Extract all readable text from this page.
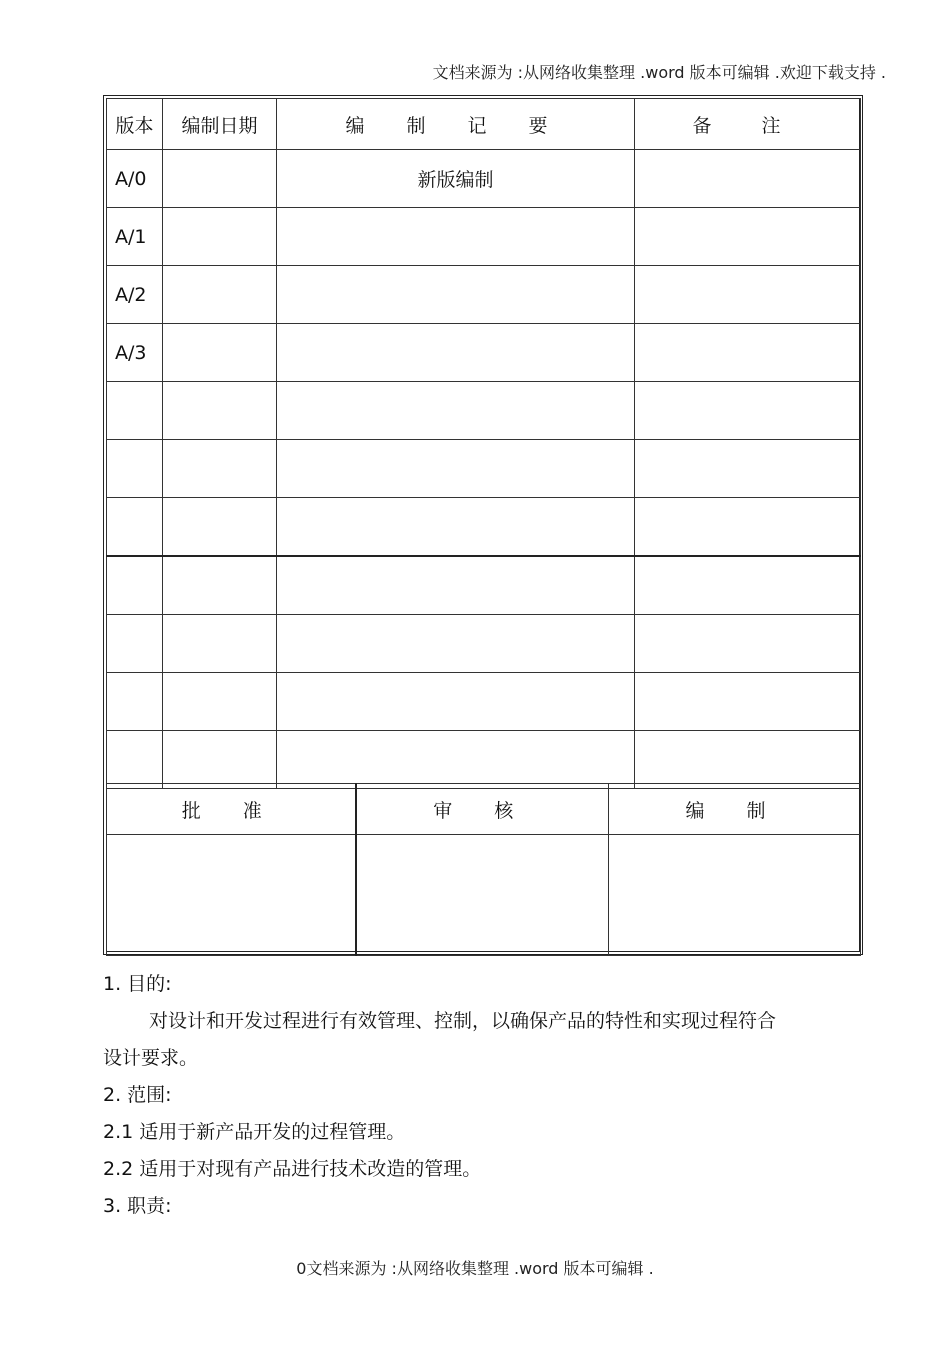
文档来源为 :从网络收集整理 .word 版本可编辑 .欢迎下载支持 .
版本	编制日期	编 制 记 要	备 注
A/0		新版编制	
A/1			
A/2			
A/3			

批 准	审 核	编 制

1. 目的:

对设计和开发过程进行有效管理、控制，以确保产品的特性和实现过程符合

设计要求。

2. 范围:

2.1 适用于新产品开发的过程管理。

2.2 适用于对现有产品进行技术改造的管理。

3. 职责:

0文档来源为 :从网络收集整理 .word 版本可编辑 .
